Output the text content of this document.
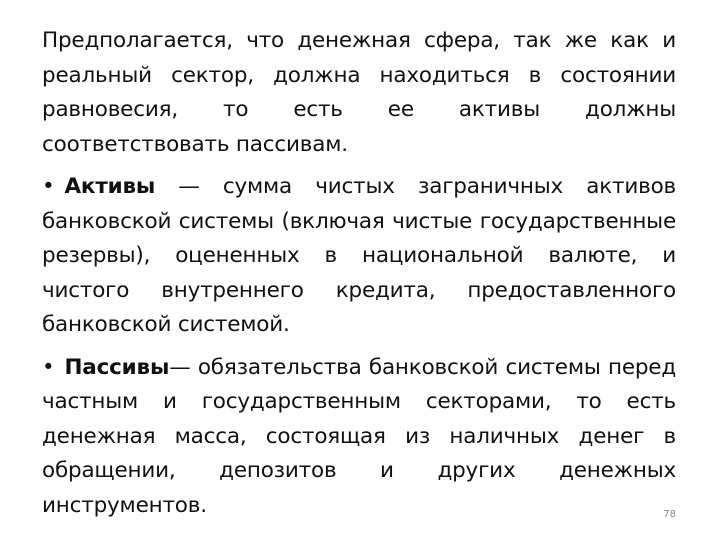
Предполагается, что денежная сфера, так же как и реальный сектор, должна находиться в состоянии равновесия, то есть ее активы должны соответствовать пассивам.

• Активы — сумма чистых заграничных активов банковской системы (включая чистые государственные резервы), оцененных в национальной валюте, и чистого внутреннего кредита, предоставленного банковской системой.

• Пассивы— обязательства банковской системы перед частным и государственным секторами, то есть денежная масса, состоящая из наличных денег в обращении, депозитов и других денежных инструментов.	78
